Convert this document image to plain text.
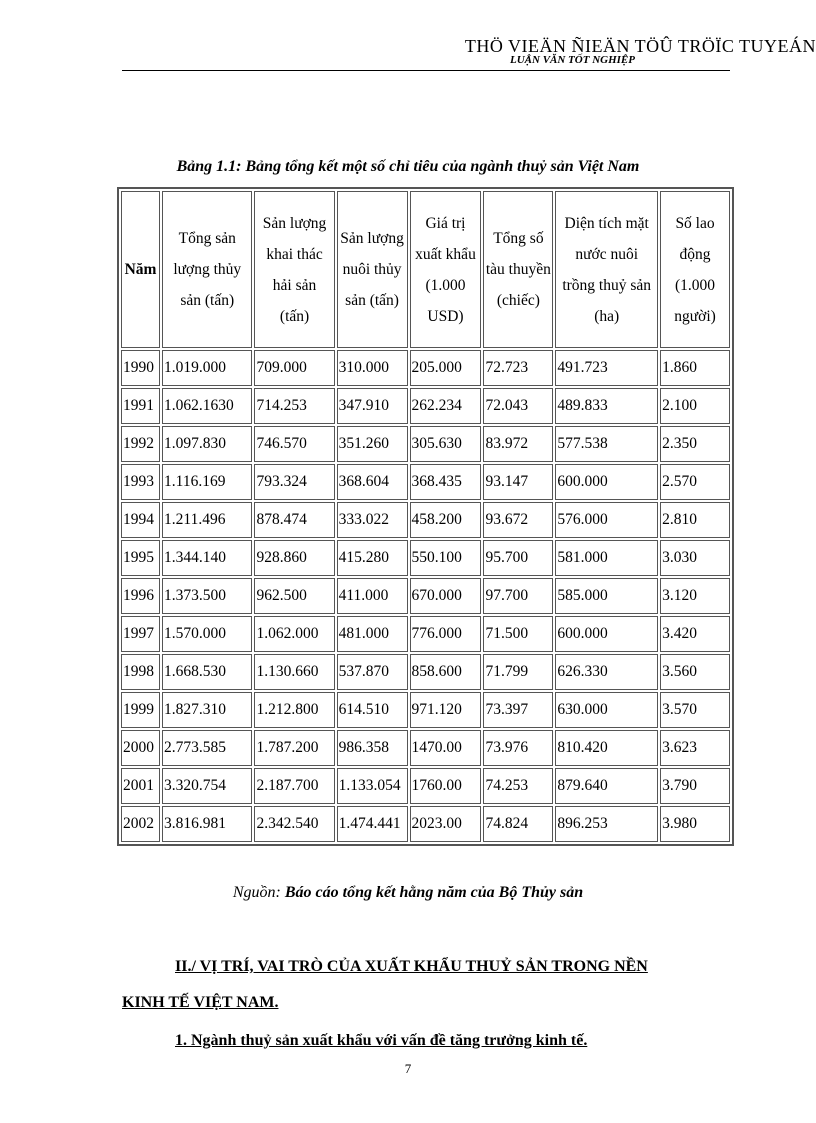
THÖ VIEÄN ÑIEÄN TÖÛ TRÖÏC TUYEÁN
LUẬN VĂN TỐT NGHIỆP
Bảng 1.1: Bảng tổng kết một số chỉ tiêu của ngành thuỷ sản Việt Nam
Năm	Tổng sản lượng thủy sản (tấn)	Sản lượng khai thác hải sản (tấn)	Sản lượng nuôi thủy sản (tấn)	Giá trị xuất khẩu (1.000 USD)	Tổng số tàu thuyền (chiếc)	Diện tích mặt nước nuôi trồng thuỷ sản (ha)	Số lao động (1.000 người)
1990	1.019.000	709.000	310.000	205.000	72.723	491.723	1.860
1991	1.062.1630	714.253	347.910	262.234	72.043	489.833	2.100
1992	1.097.830	746.570	351.260	305.630	83.972	577.538	2.350
1993	1.116.169	793.324	368.604	368.435	93.147	600.000	2.570
1994	1.211.496	878.474	333.022	458.200	93.672	576.000	2.810
1995	1.344.140	928.860	415.280	550.100	95.700	581.000	3.030
1996	1.373.500	962.500	411.000	670.000	97.700	585.000	3.120
1997	1.570.000	1.062.000	481.000	776.000	71.500	600.000	3.420
1998	1.668.530	1.130.660	537.870	858.600	71.799	626.330	3.560
1999	1.827.310	1.212.800	614.510	971.120	73.397	630.000	3.570
2000	2.773.585	1.787.200	986.358	1470.00	73.976	810.420	3.623
2001	3.320.754	2.187.700	1.133.054	1760.00	74.253	879.640	3.790
2002	3.816.981	2.342.540	1.474.441	2023.00	74.824	896.253	3.980
Nguồn: Báo cáo tổng kết hằng năm của Bộ Thủy sản
II./ VỊ TRÍ, VAI TRÒ CỦA XUẤT KHẨU THUỶ SẢN TRONG NỀN
KINH TẾ VIỆT NAM.
1. Ngành thuỷ sản xuất khẩu với vấn đề tăng trưởng kinh tế.
7
